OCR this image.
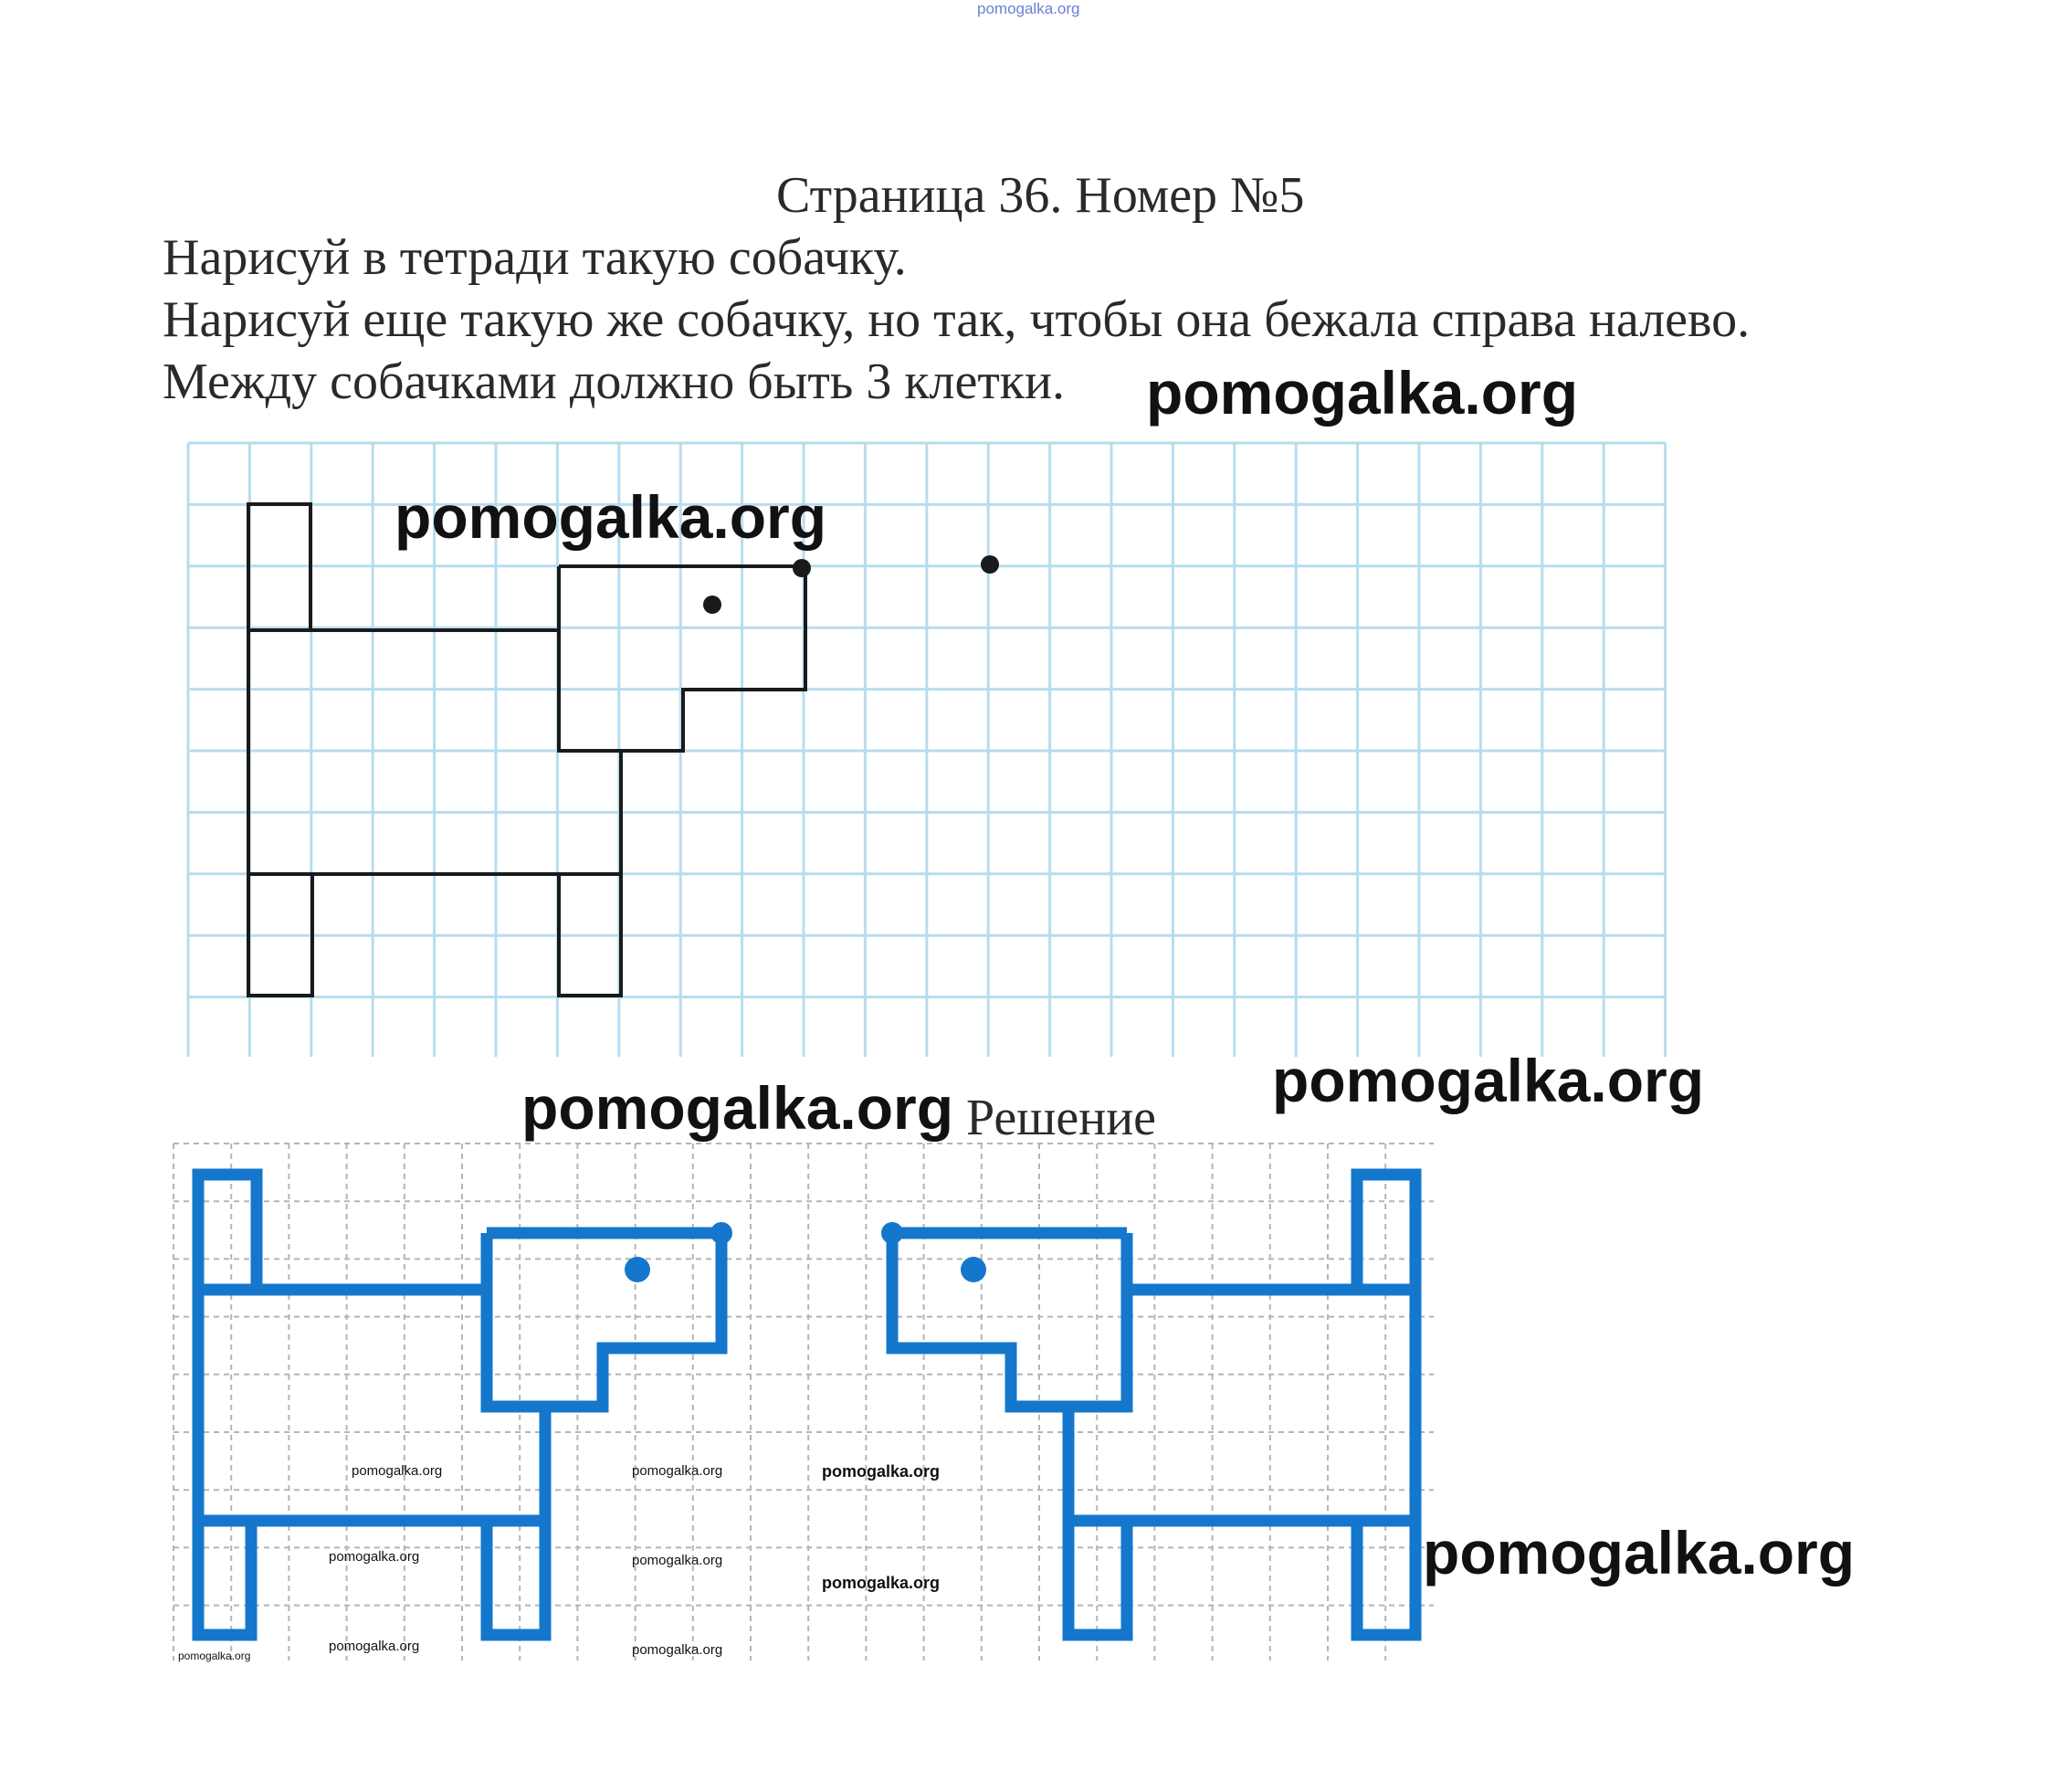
pomogalka.org
Страница 36. Номер №5
Нарисуй в тетради такую собачку.
Нарисуй еще такую же собачку, но так, чтобы она бежала справа налево.
Между собачками должно быть 3 клетки.
Решение
pomogalka.org
pomogalka.org
pomogalka.org
pomogalka.org
pomogalka.org
pomogalka.org	pomogalka.org	pomogalka.org
pomogalka.org	pomogalka.org
pomogalka.org
pomogalka.org	pomogalka.org
pomogalka.org
